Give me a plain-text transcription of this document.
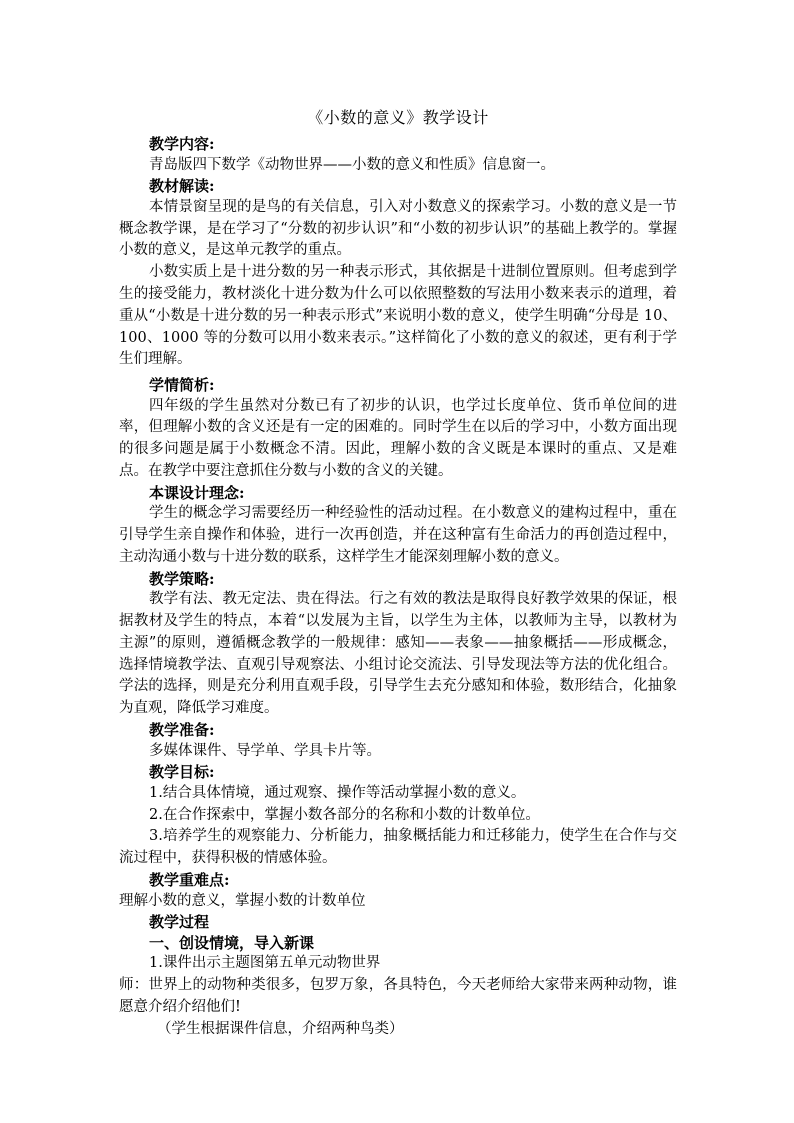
《小数的意义》教学设计
教学内容:
青岛版四下数学《动物世界——小数的意义和性质》信息窗一。
教材解读:
本情景窗呈现的是鸟的有关信息，引入对小数意义的探索学习。小数的意义是一节概念教学课，是在学习了“分数的初步认识”和“小数的初步认识”的基础上教学的。掌握小数的意义，是这单元教学的重点。
小数实质上是十进分数的另一种表示形式，其依据是十进制位置原则。但考虑到学生的接受能力，教材淡化十进分数为什么可以依照整数的写法用小数来表示的道理，着重从“小数是十进分数的另一种表示形式”来说明小数的意义，使学生明确“分母是 10、100、1000 等的分数可以用小数来表示。”这样简化了小数的意义的叙述，更有利于学生们理解。
学情简析:
四年级的学生虽然对分数已有了初步的认识，也学过长度单位、货币单位间的进率，但理解小数的含义还是有一定的困难的。同时学生在以后的学习中，小数方面出现的很多问题是属于小数概念不清。因此，理解小数的含义既是本课时的重点、又是难点。在教学中要注意抓住分数与小数的含义的关键。
本课设计理念:
学生的概念学习需要经历一种经验性的活动过程。在小数意义的建构过程中，重在引导学生亲自操作和体验，进行一次再创造，并在这种富有生命活力的再创造过程中，主动沟通小数与十进分数的联系，这样学生才能深刻理解小数的意义。
教学策略:
教学有法、教无定法、贵在得法。行之有效的教法是取得良好教学效果的保证，根据教材及学生的特点，本着“以发展为主旨，以学生为主体，以教师为主导，以教材为主源”的原则，遵循概念教学的一般规律：感知——表象——抽象概括——形成概念，选择情境教学法、直观引导观察法、小组讨论交流法、引导发现法等方法的优化组合。学法的选择，则是充分利用直观手段，引导学生去充分感知和体验，数形结合，化抽象为直观，降低学习难度。
教学准备:
多媒体课件、导学单、学具卡片等。
教学目标:
1.结合具体情境，通过观察、操作等活动掌握小数的意义。
2.在合作探索中，掌握小数各部分的名称和小数的计数单位。
3.培养学生的观察能力、分析能力，抽象概括能力和迁移能力，使学生在合作与交流过程中，获得积极的情感体验。
教学重难点:
理解小数的意义，掌握小数的计数单位
教学过程
一、创设情境，导入新课
1.课件出示主题图第五单元动物世界
师：世界上的动物种类很多，包罗万象，各具特色，今天老师给大家带来两种动物，谁愿意介绍介绍他们!
（学生根据课件信息，介绍两种鸟类）
